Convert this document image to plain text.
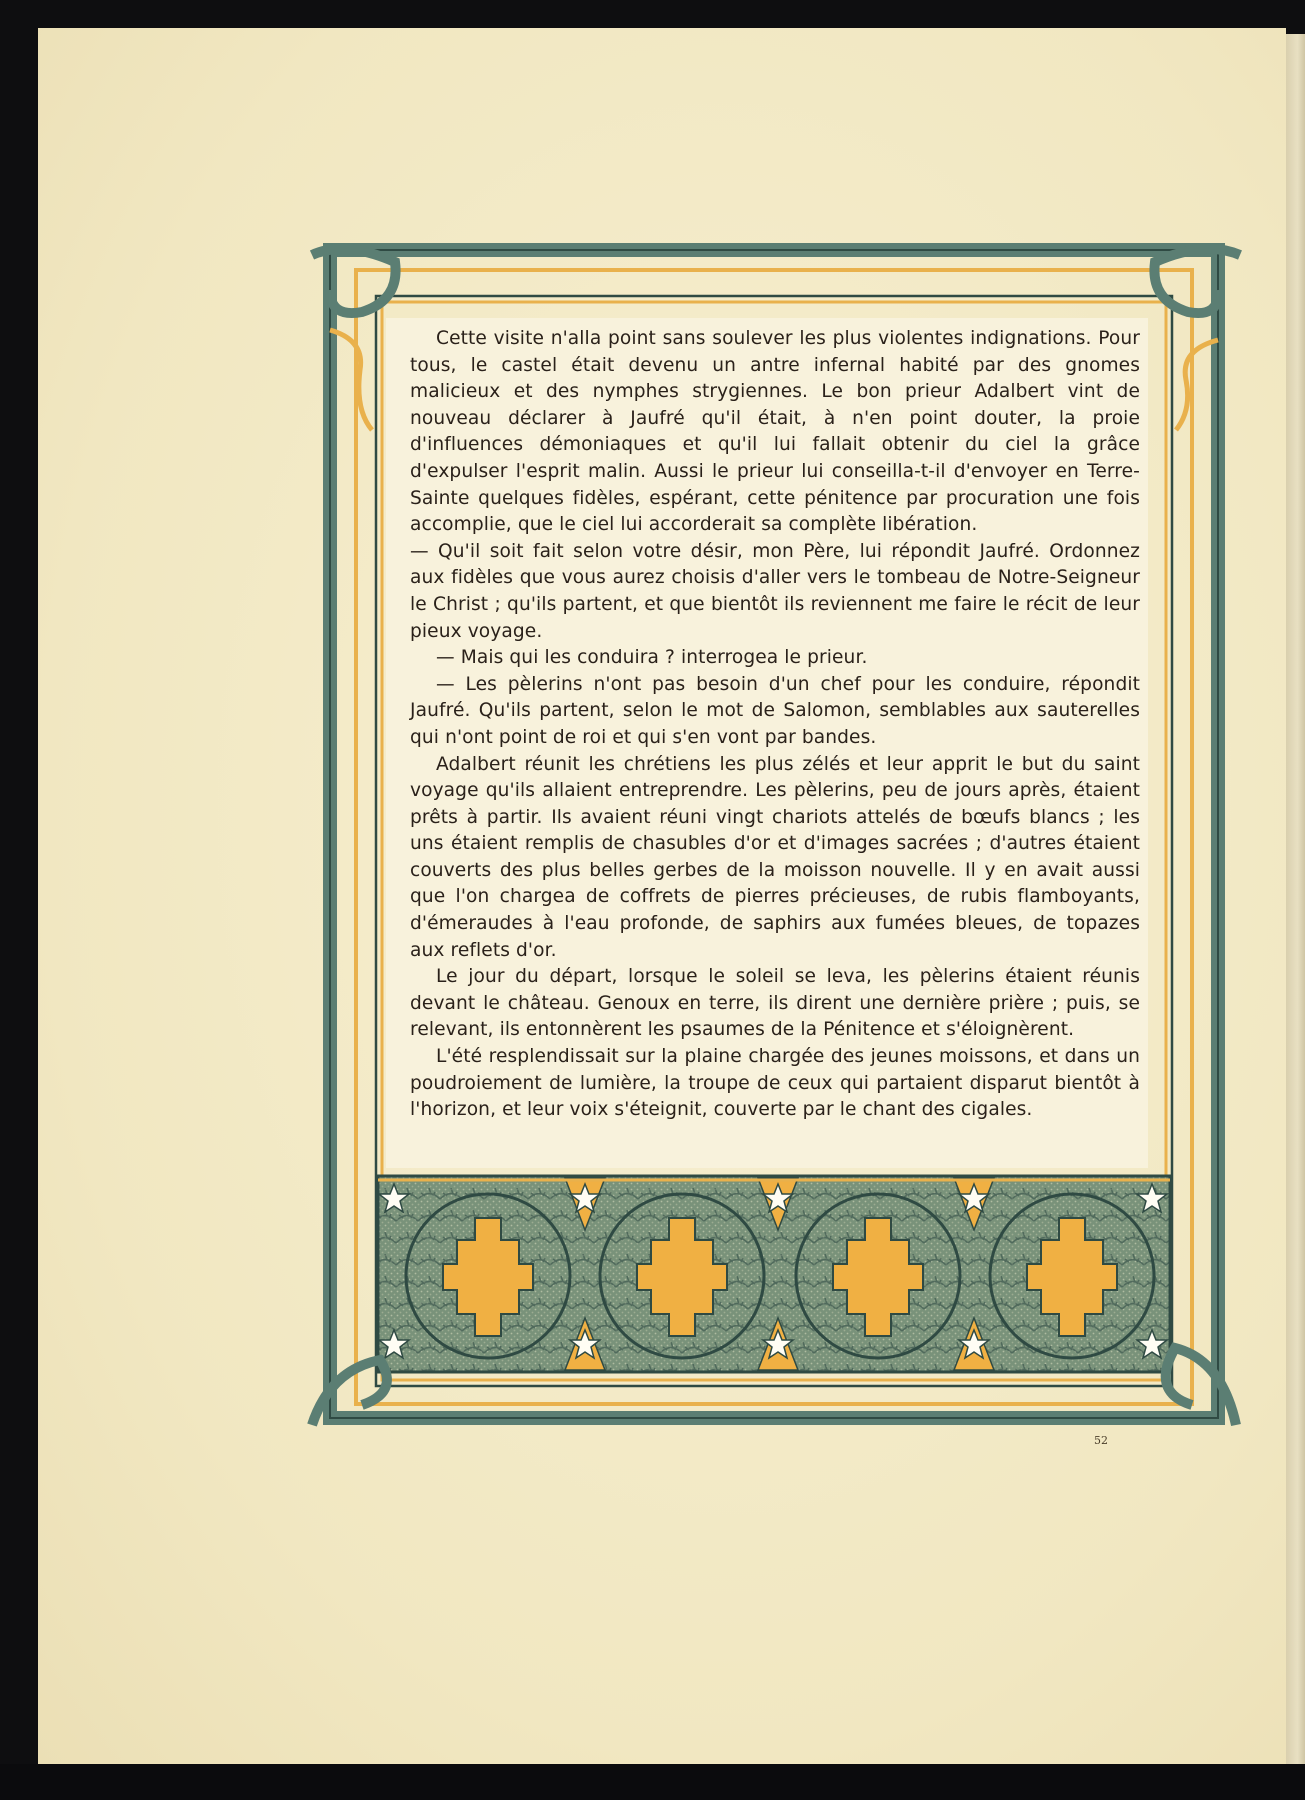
Cette visite n'alla point sans soulever les plus violentes indignations. Pour tous, le castel était devenu un antre infernal habité par des gnomes malicieux et des nymphes strygiennes. Le bon prieur Adalbert vint de nouveau déclarer à Jaufré qu'il était, à n'en point douter, la proie d'influences démoniaques et qu'il lui fallait obtenir du ciel la grâce d'expulser l'esprit malin. Aussi le prieur lui conseilla-t-il d'envoyer en Terre-Sainte quelques fidèles, espérant, cette pénitence par procuration une fois accomplie, que le ciel lui accorderait sa complète libération.

— Qu'il soit fait selon votre désir, mon Père, lui répondit Jaufré. Ordonnez aux fidèles que vous aurez choisis d'aller vers le tombeau de Notre-Seigneur le Christ ; qu'ils partent, et que bientôt ils reviennent me faire le récit de leur pieux voyage.

— Mais qui les conduira ? interrogea le prieur.

— Les pèlerins n'ont pas besoin d'un chef pour les conduire, répondit Jaufré. Qu'ils partent, selon le mot de Salomon, semblables aux sauterelles qui n'ont point de roi et qui s'en vont par bandes.

Adalbert réunit les chrétiens les plus zélés et leur apprit le but du saint voyage qu'ils allaient entreprendre. Les pèlerins, peu de jours après, étaient prêts à partir. Ils avaient réuni vingt chariots attelés de bœufs blancs ; les uns étaient remplis de chasubles d'or et d'images sacrées ; d'autres étaient couverts des plus belles gerbes de la moisson nouvelle. Il y en avait aussi que l'on chargea de coffrets de pierres précieuses, de rubis flamboyants, d'émeraudes à l'eau profonde, de saphirs aux fumées bleues, de topazes aux reflets d'or.

Le jour du départ, lorsque le soleil se leva, les pèlerins étaient réunis devant le château. Genoux en terre, ils dirent une dernière prière ; puis, se relevant, ils entonnèrent les psaumes de la Pénitence et s'éloignèrent.

L'été resplendissait sur la plaine chargée des jeunes moissons, et dans un poudroiement de lumière, la troupe de ceux qui partaient disparut bientôt à l'horizon, et leur voix s'éteignit, couverte par le chant des cigales.

52
